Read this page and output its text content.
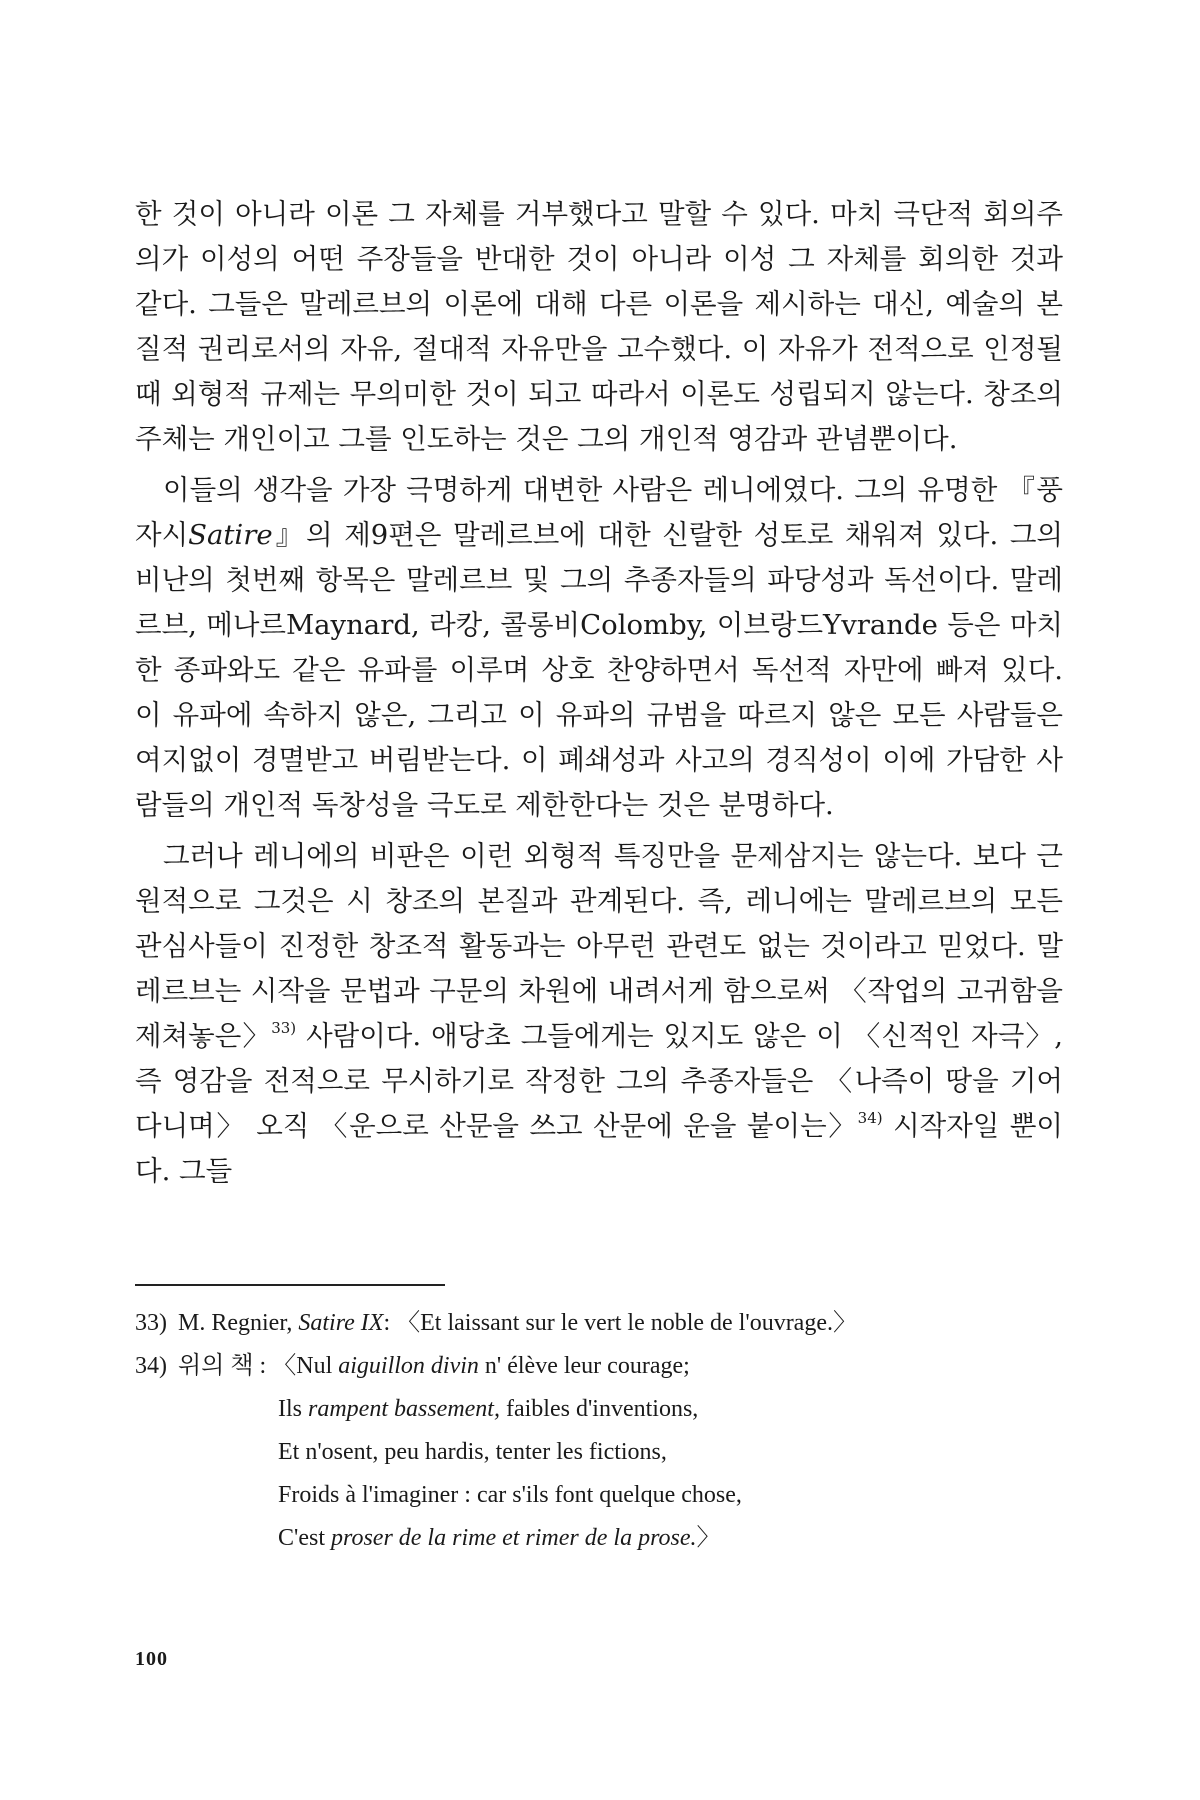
한 것이 아니라 이론 그 자체를 거부했다고 말할 수 있다. 마치 극단적 회의주의가 이성의 어떤 주장들을 반대한 것이 아니라 이성 그 자체를 회의한 것과 같다. 그들은 말레르브의 이론에 대해 다른 이론을 제시하는 대신, 예술의 본질적 권리로서의 자유, 절대적 자유만을 고수했다. 이 자유가 전적으로 인정될 때 외형적 규제는 무의미한 것이 되고 따라서 이론도 성립되지 않는다. 창조의 주체는 개인이고 그를 인도하는 것은 그의 개인적 영감과 관념뿐이다.

이들의 생각을 가장 극명하게 대변한 사람은 레니에였다. 그의 유명한 『풍자시Satire』의 제9편은 말레르브에 대한 신랄한 성토로 채워져 있다. 그의 비난의 첫번째 항목은 말레르브 및 그의 추종자들의 파당성과 독선이다. 말레르브, 메나르Maynard, 라캉, 콜롱비Colomby, 이브랑드Yvrande 등은 마치 한 종파와도 같은 유파를 이루며 상호 찬양하면서 독선적 자만에 빠져 있다. 이 유파에 속하지 않은, 그리고 이 유파의 규범을 따르지 않은 모든 사람들은 여지없이 경멸받고 버림받는다. 이 폐쇄성과 사고의 경직성이 이에 가담한 사람들의 개인적 독창성을 극도로 제한한다는 것은 분명하다.

그러나 레니에의 비판은 이런 외형적 특징만을 문제삼지는 않는다. 보다 근원적으로 그것은 시 창조의 본질과 관계된다. 즉, 레니에는 말레르브의 모든 관심사들이 진정한 창조적 활동과는 아무런 관련도 없는 것이라고 믿었다. 말레르브는 시작을 문법과 구문의 차원에 내려서게 함으로써 〈작업의 고귀함을 제쳐놓은〉$^{33)}$ 사람이다. 애당초 그들에게는 있지도 않은 이 〈신적인 자극〉, 즉 영감을 전적으로 무시하기로 작정한 그의 추종자들은 〈나즉이 땅을 기어다니며〉 오직 〈운으로 산문을 쓰고 산문에 운을 붙이는〉$^{34)}$ 시작자일 뿐이다. 그들

33) M. Regnier, Satire IX: 〈Et laissant sur le vert le noble de l'ouvrage.〉
34) 위의 책 : 〈Nul aiguillon divin n' élève leur courage;
Ils rampent bassement, faibles d'inventions,
Et n'osent, peu hardis, tenter les fictions,
Froids à l'imaginer : car s'ils font quelque chose,
C'est proser de la rime et rimer de la prose.〉
100
